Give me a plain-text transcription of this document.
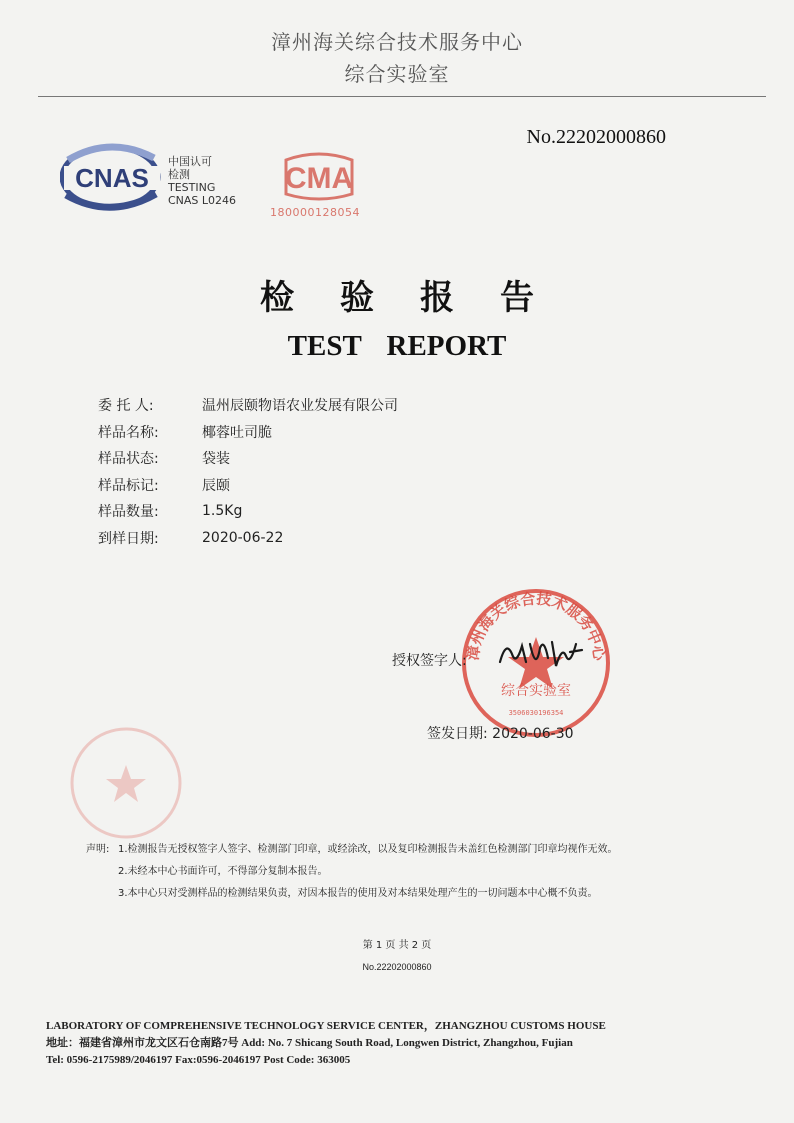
漳州海关综合技术服务中心
综合实验室
No.22202000860
CNAS
中国认可
检测
TESTING
CNAS L0246
CMA
180000128054
检验报告
TEST REPORT
委 托 人:	温州辰颐物语农业发展有限公司
样品名称:	椰蓉吐司脆
样品状态:	袋装
样品标记:	辰颐
样品数量:	1.5Kg
到样日期:	2020-06-22
漳州海关综合技术服务中心
综合实验室
3506030196354
授权签字人:
签发日期: 2020-06-30
声明: 1.检测报告无授权签字人签字、检测部门印章，或经涂改，以及复印检测报告未盖红色检测部门印章均视作无效。
2.未经本中心书面许可，不得部分复制本报告。
3.本中心只对受测样品的检测结果负责，对因本报告的使用及对本结果处理产生的一切问题本中心概不负责。
第 1 页 共 2 页
No.22202000860
LABORATORY OF COMPREHENSIVE TECHNOLOGY SERVICE CENTER，ZHANGZHOU CUSTOMS HOUSE
地址：福建省漳州市龙文区石仓南路7号 Add: No. 7 Shicang South Road, Longwen District, Zhangzhou, Fujian
Tel: 0596-2175989/2046197 Fax:0596-2046197 Post Code: 363005
